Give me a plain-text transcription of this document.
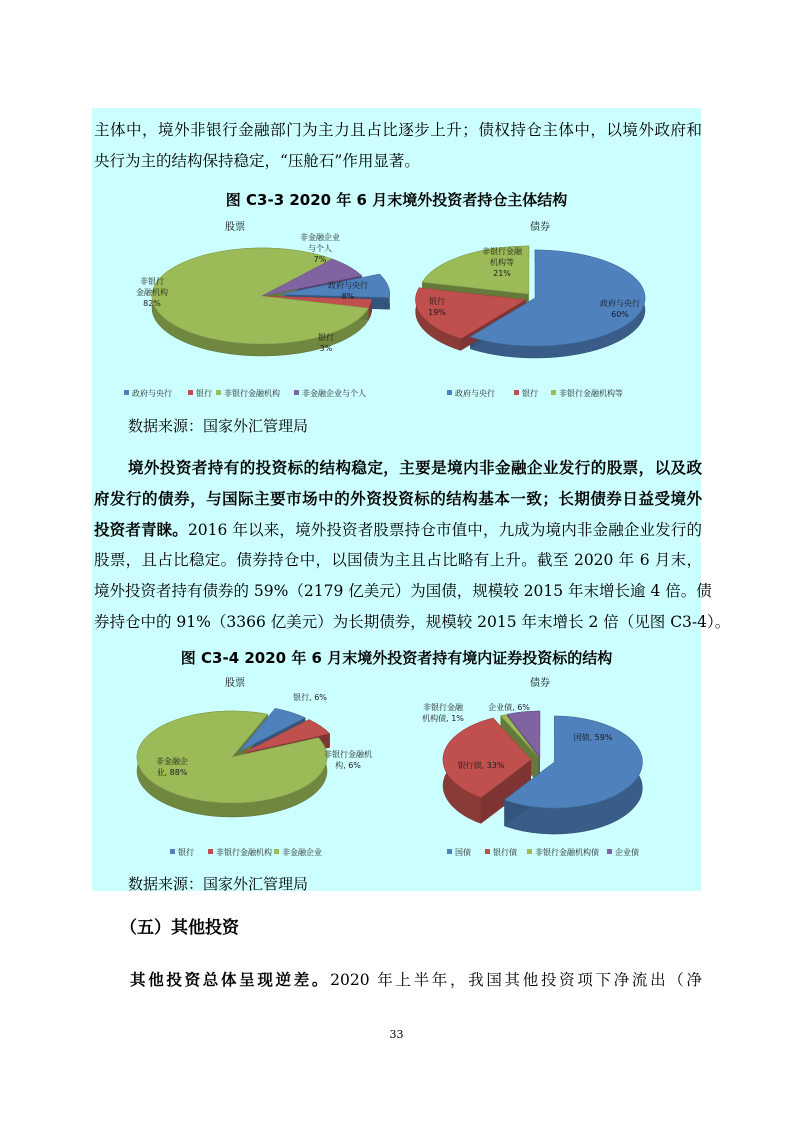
主体中，境外非银行金融部门为主力且占比逐步上升；债权持仓主体中，以境外政府和

央行为主的结构保持稳定，“压舱石”作用显著。

图 C3-3 2020 年 6 月末境外投资者持仓主体结构

股票
政府与央行 8%
银行 3%
非银行金融机构 82%
非金融企业与个人 7%
政府与央行	银行 非银行金融机构	非金融企业与个人
债券
政府与央行 60%
银行 19%
非银行金融机构等 21%
政府与央行	银行	非银行金融机构等

数据来源：国家外汇管理局

境外投资者持有的投资标的结构稳定，主要是境内非金融企业发行的股票，以及政

府发行的债券，与国际主要市场中的外资投资标的结构基本一致；长期债券日益受境外

投资者青睐。2016 年以来，境外投资者股票持仓市值中，九成为境内非金融企业发行的

股票，且占比稳定。债券持仓中，以国债为主且占比略有上升。截至 2020 年 6 月末，

境外投资者持有债券的 59%（2179 亿美元）为国债，规模较 2015 年末增长逾 4 倍。债

券持仓中的 91%（3366 亿美元）为长期债券，规模较 2015 年末增长 2 倍（见图 C3-4）。

图 C3-4 2020 年 6 月末境外投资者持有境内证券投资标的结构

股票
银行, 6%
非银行金融机构, 6%
非金融企业, 88%
银行	非银行金融机构 非金融企业
债券
国债, 59%
银行债, 33%
非银行金融机构债, 1%
企业债, 6%
国债	银行债 非银行金融机构债 企业债

数据来源：国家外汇管理局

（五）其他投资

其他投资总体呈现逆差。2020 年上半年，我国其他投资项下净流出（净

33
